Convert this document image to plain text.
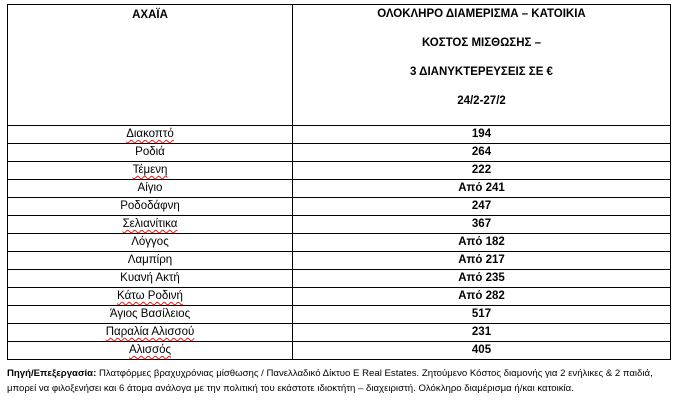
ΑΧΑΪΑ	ΟΛΟΚΛΗΡΟ ΔΙΑΜΕΡΙΣΜΑ – ΚΑΤΟΙΚΙΑ
ΚΟΣΤΟΣ ΜΙΣΘΩΣΗΣ –
3 ΔΙΑΝΥΚΤΕΡΕΥΣΕΙΣ ΣΕ €
24/2-27/2

Διακοπτό	194
Ροδιά	264
Τέμενη	222
Αίγιο	Από 241
Ροδοδάφνη	247
Σελιανίτικα	367
Λόγγος	Από 182
Λαμπίρη	Από 217
Κυανή Ακτή	Από 235
Κάτω Ροδινή	Από 282
Άγιος Βασίλειος	517
Παραλία Αλισσού	231
Αλισσός	405
Πηγή/Επεξεργασία: Πλατφόρμες βραχυχρόνιας μίσθωσης / Πανελλαδικό Δίκτυο E Real Estates. Ζητούμενο Κόστος διαμονής για 2 ενήλικες & 2 παιδιά, μπορεί να φιλοξενήσει και 6 άτομα ανάλογα με την πολιτική του εκάστοτε ιδιοκτήτη – διαχειριστή. Ολόκληρο διαμέρισμα ή/και κατοικία.
